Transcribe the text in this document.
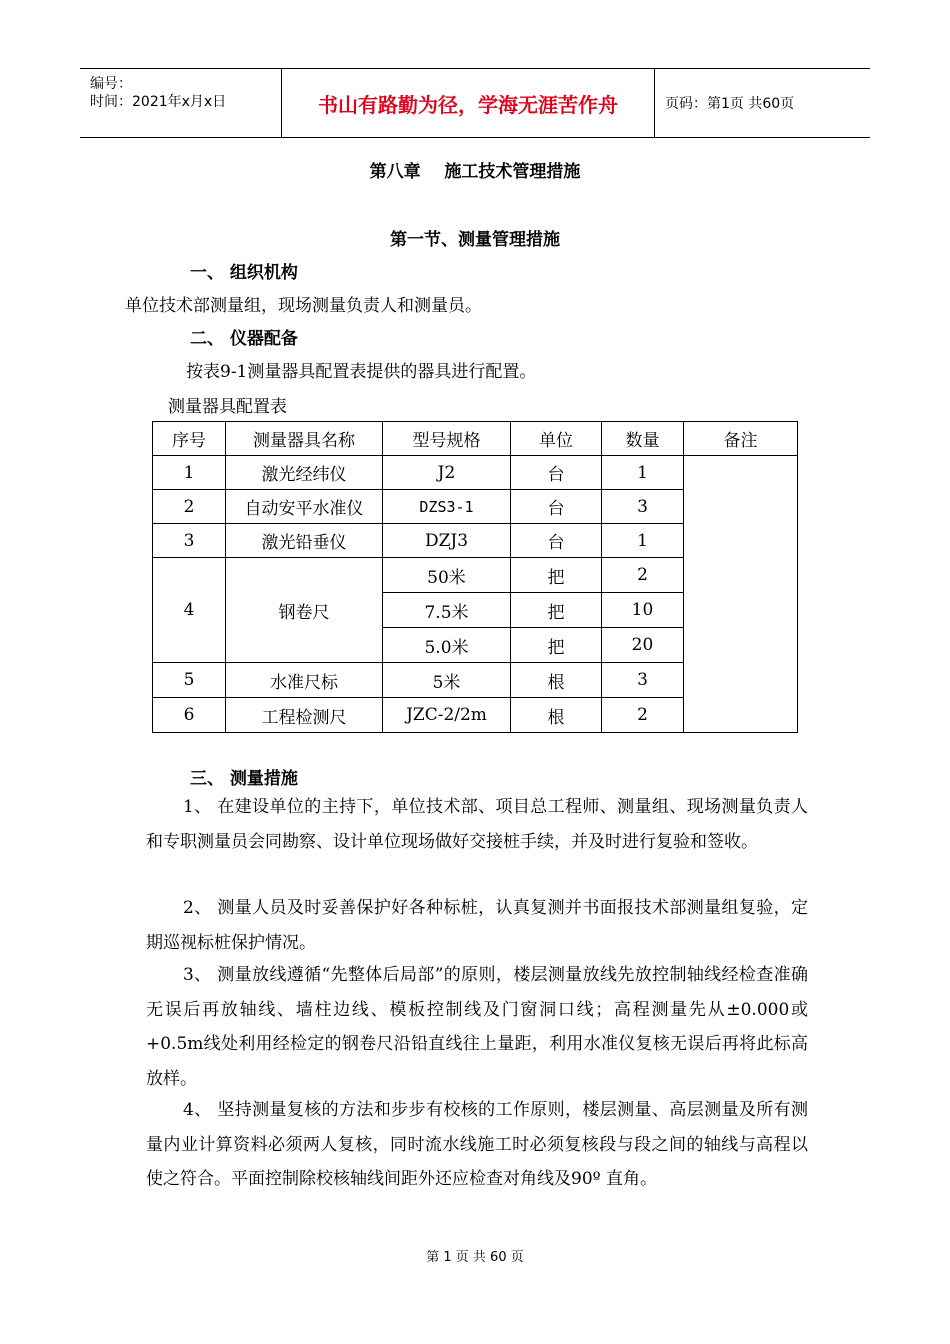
编号：
时间：2021年x月x日	书山有路勤为径，学海无涯苦作舟	页码：第1页 共60页
第八章    施工技术管理措施
第一节、测量管理措施
一、 组织机构
单位技术部测量组，现场测量负责人和测量员。
二、 仪器配备
按表9-1测量器具配置表提供的器具进行配置。
测量器具配置表
序号	测量器具名称	型号规格	单位	数量	备注
1	激光经纬仪	J2	台	1	
2	自动安平水准仪	DZS3-1	台	3	
3	激光铅垂仪	DZJ3	台	1	
4	钢卷尺	50米	把	2	
		7.5米	把	10	
		5.0米	把	20	
5	水准尺标	5米	根	3	
6	工程检测尺	JZC-2/2m	根	2	
三、 测量措施
1、 在建设单位的主持下，单位技术部、项目总工程师、测量组、现场测量负责人和专职测量员会同勘察、设计单位现场做好交接桩手续，并及时进行复验和签收。
2、 测量人员及时妥善保护好各种标桩，认真复测并书面报技术部测量组复验，定期巡视标桩保护情况。
3、 测量放线遵循“先整体后局部”的原则，楼层测量放线先放控制轴线经检查准确无误后再放轴线、墙柱边线、模板控制线及门窗洞口线；高程测量先从±0.000或+0.5m线处利用经检定的钢卷尺沿铅直线往上量距，利用水准仪复核无误后再将此标高放样。
4、 坚持测量复核的方法和步步有校核的工作原则，楼层测量、高层测量及所有测量内业计算资料必须两人复核，同时流水线施工时必须复核段与段之间的轴线与高程以使之符合。平面控制除校核轴线间距外还应检查对角线及90º 直角。
第 1 页 共 60 页
